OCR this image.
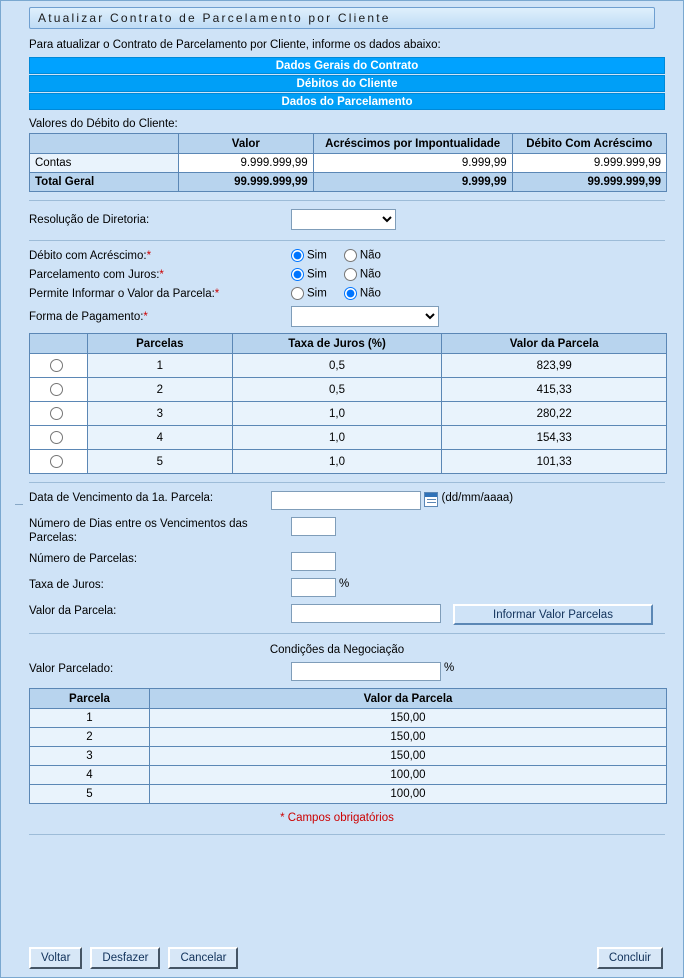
Atualizar Contrato de Parcelamento por Cliente
Para atualizar o Contrato de Parcelamento por Cliente, informe os dados abaixo:
Dados Gerais do Contrato
Débitos do Cliente
Dados do Parcelamento
Valores do Débito do Cliente:
	Valor	Acréscimos por Impontualidade	Débito Com Acréscimo
Contas	9.999.999,99	9.999,99	9.999.999,99
Total Geral	99.999.999,99	9.999,99	99.999.999,99
Resolução de Diretoria:
Débito com Acréscimo:*	Sim	Não
Parcelamento com Juros:*	Sim	Não
Permite Informar o Valor da Parcela:*	Sim	Não
Forma de Pagamento:*
	Parcelas	Taxa de Juros (%)	Valor da Parcela
	1	0,5	823,99
	2	0,5	415,33
	3	1,0	280,22
	4	1,0	154,33
	5	1,0	101,33
Data de Vencimento da 1a. Parcela:	(dd/mm/aaaa)
Número de Dias entre os Vencimentos das Parcelas:
Número de Parcelas:
Taxa de Juros:	%
Valor da Parcela:	Informar Valor Parcelas
Condições da Negociação
Valor Parcelado:	%
Parcela	Valor da Parcela
1	150,00
2	150,00
3	150,00
4	100,00
5	100,00
* Campos obrigatórios
Voltar	Desfazer	Cancelar	Concluir
